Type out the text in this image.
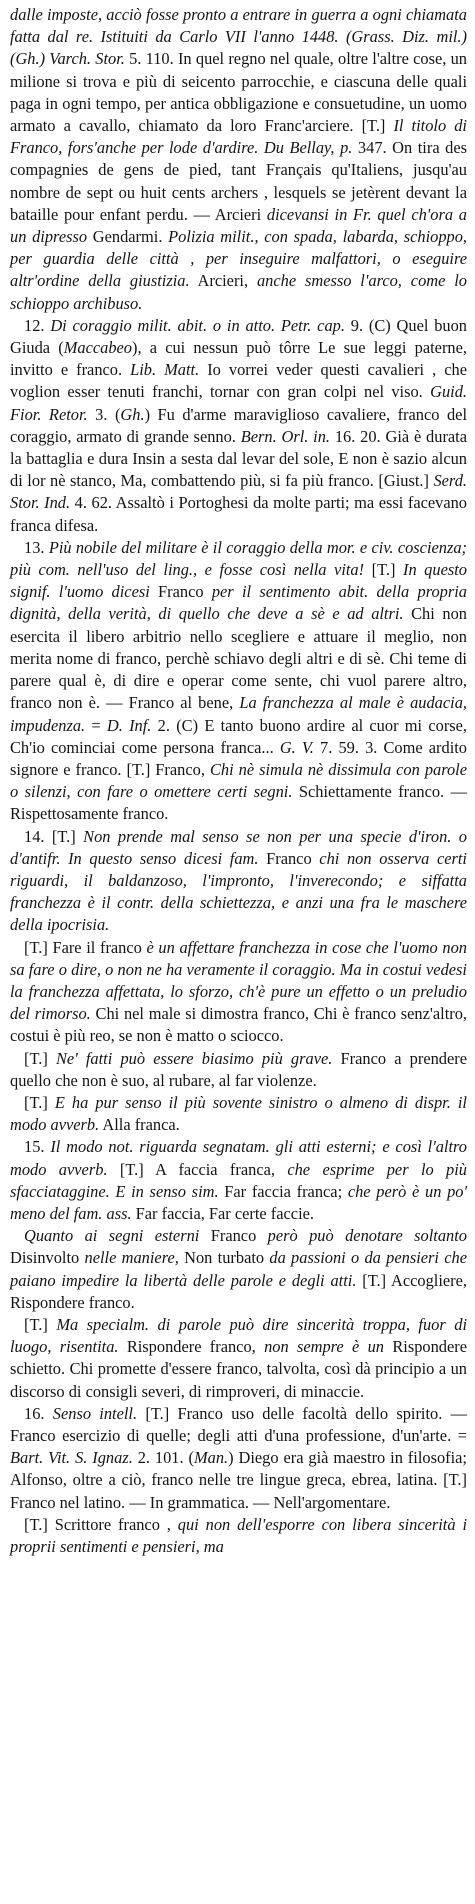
dalle imposte, acciò fosse pronto a entrare in guerra a ogni chiamata fatta dal re. Istituiti da Carlo VII l'anno 1448. (Grass. Diz. mil.) (Gh.) Varch. Stor. 5. 110. In quel regno nel quale, oltre l'altre cose, un milione si trova e più di seicento parrocchie, e ciascuna delle quali paga in ogni tempo, per antica obbligazione e consuetudine, un uomo armato a cavallo, chiamato da loro Franc'arciere. [T.] Il titolo di Franco, fors'anche per lode d'ardire. Du Bellay, p. 347. On tira des compagnies de gens de pied, tant Français qu'Italiens, jusqu'au nombre de sept ou huit cents archers , lesquels se jetèrent devant la bataille pour enfant perdu. — Arcieri dicevansi in Fr. quel ch'ora a un dipresso Gendarmi. Polizia milit., con spada, labarda, schioppo, per guardia delle città , per inseguire malfattori, o eseguire altr'ordine della giustizia. Arcieri, anche smesso l'arco, come lo schioppo archibuso.

12. Di coraggio milit. abit. o in atto. Petr. cap. 9. (C) Quel buon Giuda (Maccabeo), a cui nessun può tôrre Le sue leggi paterne, invitto e franco. Lib. Matt. Io vorrei veder questi cavalieri , che voglion esser tenuti franchi, tornar con gran colpi nel viso. Guid. Fior. Retor. 3. (Gh.) Fu d'arme maraviglioso cavaliere, franco del coraggio, armato di grande senno. Bern. Orl. in. 16. 20. Già è durata la battaglia e dura Insin a sesta dal levar del sole, E non è sazio alcun di lor nè stanco, Ma, combattendo più, si fa più franco. [Giust.] Serd. Stor. Ind. 4. 62. Assaltò i Portoghesi da molte parti; ma essi facevano franca difesa.

13. Più nobile del militare è il coraggio della mor. e civ. coscienza; più com. nell'uso del ling., e fosse così nella vita! [T.] In questo signif. l'uomo dicesi Franco per il sentimento abit. della propria dignità, della verità, di quello che deve a sè e ad altri. Chi non esercita il libero arbitrio nello scegliere e attuare il meglio, non merita nome di franco, perchè schiavo degli altri e di sè. Chi teme di parere qual è, di dire e operar come sente, chi vuol parere altro, franco non è. — Franco al bene, La franchezza al male è audacia, impudenza. = D. Inf. 2. (C) E tanto buono ardire al cuor mi corse, Ch'io cominciai come persona franca... G. V. 7. 59. 3. Come ardito signore e franco. [T.] Franco, Chi nè simula nè dissimula con parole o silenzi, con fare o omettere certi segni. Schiettamente franco. — Rispettosamente franco.

14. [T.] Non prende mal senso se non per una specie d'iron. o d'antifr. In questo senso dicesi fam. Franco chi non osserva certi riguardi, il baldanzoso, l'impronto, l'inverecondo; e siffatta franchezza è il contr. della schiettezza, e anzi una fra le maschere della ipocrisia.

[T.] Fare il franco è un affettare franchezza in cose che l'uomo non sa fare o dire, o non ne ha veramente il coraggio. Ma in costui vedesi la franchezza affettata, lo sforzo, ch'è pure un effetto o un preludio del rimorso. Chi nel male si dimostra franco, Chi è franco senz'altro, costui è più reo, se non è matto o sciocco.

[T.] Ne' fatti può essere biasimo più grave. Franco a prendere quello che non è suo, al rubare, al far violenze.

[T.] E ha pur senso il più sovente sinistro o almeno di dispr. il modo avverb. Alla franca.

15. Il modo not. riguarda segnatam. gli atti esterni; e così l'altro modo avverb. [T.] A faccia franca, che esprime per lo più sfacciataggine. E in senso sim. Far faccia franca; che però è un po' meno del fam. ass. Far faccia, Far certe faccie.

Quanto ai segni esterni Franco però può denotare soltanto Disinvolto nelle maniere, Non turbato da passioni o da pensieri che paiano impedire la libertà delle parole e degli atti. [T.] Accogliere, Rispondere franco.

[T.] Ma specialm. di parole può dire sincerità troppa, fuor di luogo, risentita. Rispondere franco, non sempre è un Rispondere schietto. Chi promette d'essere franco, talvolta, così dà principio a un discorso di consigli severi, di rimproveri, di minaccie.

16. Senso intell. [T.] Franco uso delle facoltà dello spirito. — Franco esercizio di quelle; degli atti d'una professione, d'un'arte. = Bart. Vit. S. Ignaz. 2. 101. (Man.) Diego era già maestro in filosofia; Alfonso, oltre a ciò, franco nelle tre lingue greca, ebrea, latina. [T.] Franco nel latino. — In grammatica. — Nell'argomentare.

[T.] Scrittore franco , qui non dell'esporre con libera sincerità i proprii sentimenti e pensieri, ma
